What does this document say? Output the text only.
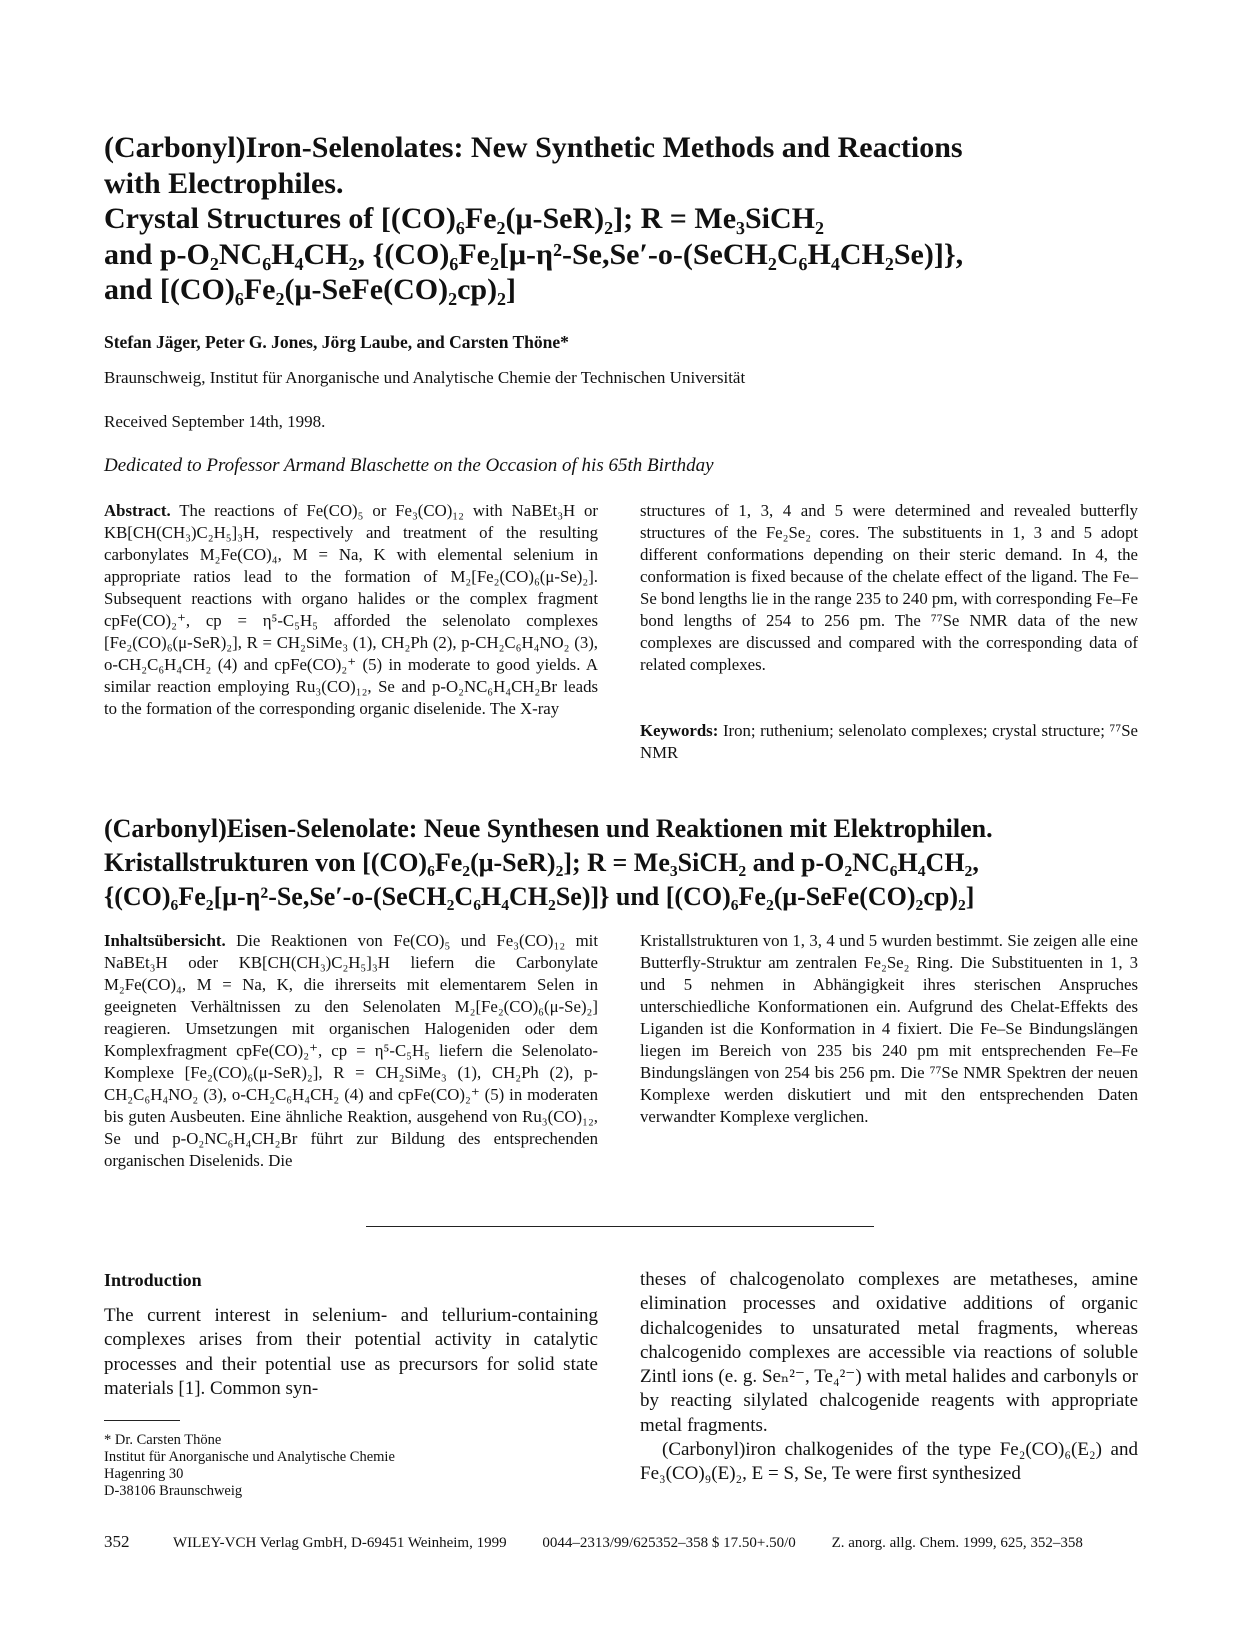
(Carbonyl)Iron-Selenolates: New Synthetic Methods and Reactions
with Electrophiles.
Crystal Structures of [(CO)₆Fe₂(μ-SeR)₂]; R = Me₃SiCH₂
and p-O₂NC₆H₄CH₂, {(CO)₆Fe₂[μ-η²-Se,Se′-o-(SeCH₂C₆H₄CH₂Se)]},
and [(CO)₆Fe₂(μ-SeFe(CO)₂cp)₂]
Stefan Jäger, Peter G. Jones, Jörg Laube, and Carsten Thöne*
Braunschweig, Institut für Anorganische und Analytische Chemie der Technischen Universität
Received September 14th, 1998.
Dedicated to Professor Armand Blaschette on the Occasion of his 65th Birthday
Abstract. The reactions of Fe(CO)₅ or Fe₃(CO)₁₂ with NaBEt₃H or KB[CH(CH₃)C₂H₅]₃H, respectively and treatment of the resulting carbonylates M₂Fe(CO)₄, M = Na, K with elemental selenium in appropriate ratios lead to the formation of M₂[Fe₂(CO)₆(μ-Se)₂]. Subsequent reactions with organo halides or the complex fragment cpFe(CO)₂⁺, cp = η⁵-C₅H₅ afforded the selenolato complexes [Fe₂(CO)₆(μ-SeR)₂], R = CH₂SiMe₃ (1), CH₂Ph (2), p-CH₂C₆H₄NO₂ (3), o-CH₂C₆H₄CH₂ (4) and cpFe(CO)₂⁺ (5) in moderate to good yields. A similar reaction employing Ru₃(CO)₁₂, Se and p-O₂NC₆H₄CH₂Br leads to the formation of the corresponding organic diselenide. The X-ray
structures of 1, 3, 4 and 5 were determined and revealed butterfly structures of the Fe₂Se₂ cores. The substituents in 1, 3 and 5 adopt different conformations depending on their steric demand. In 4, the conformation is fixed because of the chelate effect of the ligand. The Fe–Se bond lengths lie in the range 235 to 240 pm, with corresponding Fe–Fe bond lengths of 254 to 256 pm. The ⁷⁷Se NMR data of the new complexes are discussed and compared with the corresponding data of related complexes.
Keywords: Iron; ruthenium; selenolato complexes; crystal structure; ⁷⁷Se NMR
(Carbonyl)Eisen-Selenolate: Neue Synthesen und Reaktionen mit Elektrophilen.
Kristallstrukturen von [(CO)₆Fe₂(μ-SeR)₂]; R = Me₃SiCH₂ and p-O₂NC₆H₄CH₂,
{(CO)₆Fe₂[μ-η²-Se,Se′-o-(SeCH₂C₆H₄CH₂Se)]} und [(CO)₆Fe₂(μ-SeFe(CO)₂cp)₂]
Inhaltsübersicht. Die Reaktionen von Fe(CO)₅ und Fe₃(CO)₁₂ mit NaBEt₃H oder KB[CH(CH₃)C₂H₅]₃H liefern die Carbonylate M₂Fe(CO)₄, M = Na, K, die ihrerseits mit elementarem Selen in geeigneten Verhältnissen zu den Selenolaten M₂[Fe₂(CO)₆(μ-Se)₂] reagieren. Umsetzungen mit organischen Halogeniden oder dem Komplexfragment cpFe(CO)₂⁺, cp = η⁵-C₅H₅ liefern die Selenolato-Komplexe [Fe₂(CO)₆(μ-SeR)₂], R = CH₂SiMe₃ (1), CH₂Ph (2), p-CH₂C₆H₄NO₂ (3), o-CH₂C₆H₄CH₂ (4) and cpFe(CO)₂⁺ (5) in moderaten bis guten Ausbeuten. Eine ähnliche Reaktion, ausgehend von Ru₃(CO)₁₂, Se und p-O₂NC₆H₄CH₂Br führt zur Bildung des entsprechenden organischen Diselenids. Die
Kristallstrukturen von 1, 3, 4 und 5 wurden bestimmt. Sie zeigen alle eine Butterfly-Struktur am zentralen Fe₂Se₂ Ring. Die Substituenten in 1, 3 und 5 nehmen in Abhängigkeit ihres sterischen Anspruches unterschiedliche Konformationen ein. Aufgrund des Chelat-Effekts des Liganden ist die Konformation in 4 fixiert. Die Fe–Se Bindungslängen liegen im Bereich von 235 bis 240 pm mit entsprechenden Fe–Fe Bindungslängen von 254 bis 256 pm. Die ⁷⁷Se NMR Spektren der neuen Komplexe werden diskutiert und mit den entsprechenden Daten verwandter Komplexe verglichen.
Introduction
The current interest in selenium- and tellurium-containing complexes arises from their potential activity in catalytic processes and their potential use as precursors for solid state materials [1]. Common syn-

theses of chalcogenolato complexes are metatheses, amine elimination processes and oxidative additions of organic dichalcogenides to unsaturated metal fragments, whereas chalcogenido complexes are accessible via reactions of soluble Zintl ions (e. g. Seₙ²⁻, Te₄²⁻) with metal halides and carbonyls or by reacting silylated chalcogenide reagents with appropriate metal fragments.

(Carbonyl)iron chalkogenides of the type Fe₂(CO)₆(E₂) and Fe₃(CO)₉(E)₂, E = S, Se, Te were first synthesized

* Dr. Carsten Thöne
Institut für Anorganische und Analytische Chemie
Hagenring 30
D-38106 Braunschweig
352	WILEY-VCH Verlag GmbH, D-69451 Weinheim, 1999 0044–2313/99/625352–358 $ 17.50+.50/0 Z. anorg. allg. Chem. 1999, 625, 352–358
